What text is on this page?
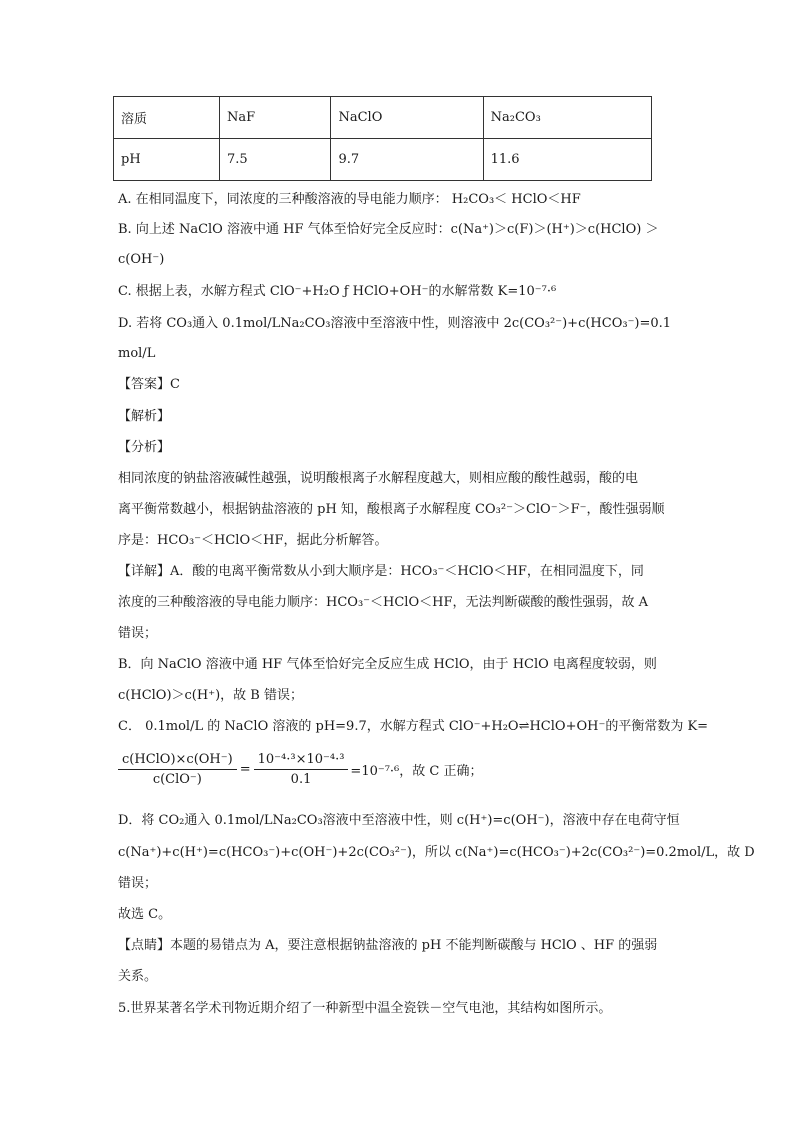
溶质	NaF	NaClO	Na₂CO₃
pH	7.5	9.7	11.6
A. 在相同温度下，同浓度的三种酸溶液的导电能力顺序： H₂CO₃＜ HClO＜HF
B. 向上述 NaClO 溶液中通 HF 气体至恰好完全反应时：c(Na⁺)＞c(F)＞(H⁺)＞c(HClO) ＞
c(OH⁻)
C. 根据上表，水解方程式 ClO⁻+H₂O ƒ HClO+OH⁻的水解常数 K=10⁻⁷·⁶
D. 若将 CO₃通入 0.1mol/LNa₂CO₃溶液中至溶液中性，则溶液中 2c(CO₃²⁻)+c(HCO₃⁻)=0.1
mol/L
【答案】C
【解析】
【分析】
相同浓度的钠盐溶液碱性越强，说明酸根离子水解程度越大，则相应酸的酸性越弱，酸的电
离平衡常数越小，根据钠盐溶液的 pH 知，酸根离子水解程度 CO₃²⁻＞ClO⁻＞F⁻，酸性强弱顺
序是：HCO₃⁻＜HClO＜HF，据此分析解答。
【详解】A．酸的电离平衡常数从小到大顺序是：HCO₃⁻＜HClO＜HF，在相同温度下，同
浓度的三种酸溶液的导电能力顺序：HCO₃⁻＜HClO＜HF，无法判断碳酸的酸性强弱，故 A
错误；
B．向 NaClO 溶液中通 HF 气体至恰好完全反应生成 HClO，由于 HClO 电离程度较弱，则
c(HClO)＞c(H⁺)，故 B 错误；
C． 0.1mol/L 的 NaClO 溶液的 pH=9.7，水解方程式 ClO⁻+H₂O⇌HClO+OH⁻的平衡常数为 K=
$\frac{\text{c(HClO)×c(OH⁻)}}{\text{c(ClO⁻)}} = \frac{\text{10⁻⁴·³×10⁻⁴·³}}{0.1} =10^{-7}\cdot^6$，故 C 正确；
D．将 CO₂通入 0.1mol/LNa₂CO₃溶液中至溶液中性，则 c(H⁺)=c(OH⁻)，溶液中存在电荷守恒
c(Na⁺)+c(H⁺)=c(HCO₃⁻)+c(OH⁻)+2c(CO₃²⁻)，所以 c(Na⁺)=c(HCO₃⁻)+2c(CO₃²⁻)=0.2mol/L，故 D
错误；
故选 C。
【点睛】本题的易错点为 A，要注意根据钠盐溶液的 pH 不能判断碳酸与 HClO 、HF 的强弱
关系。
5.世界某著名学术刊物近期介绍了一种新型中温全瓷铁－空气电池，其结构如图所示。
